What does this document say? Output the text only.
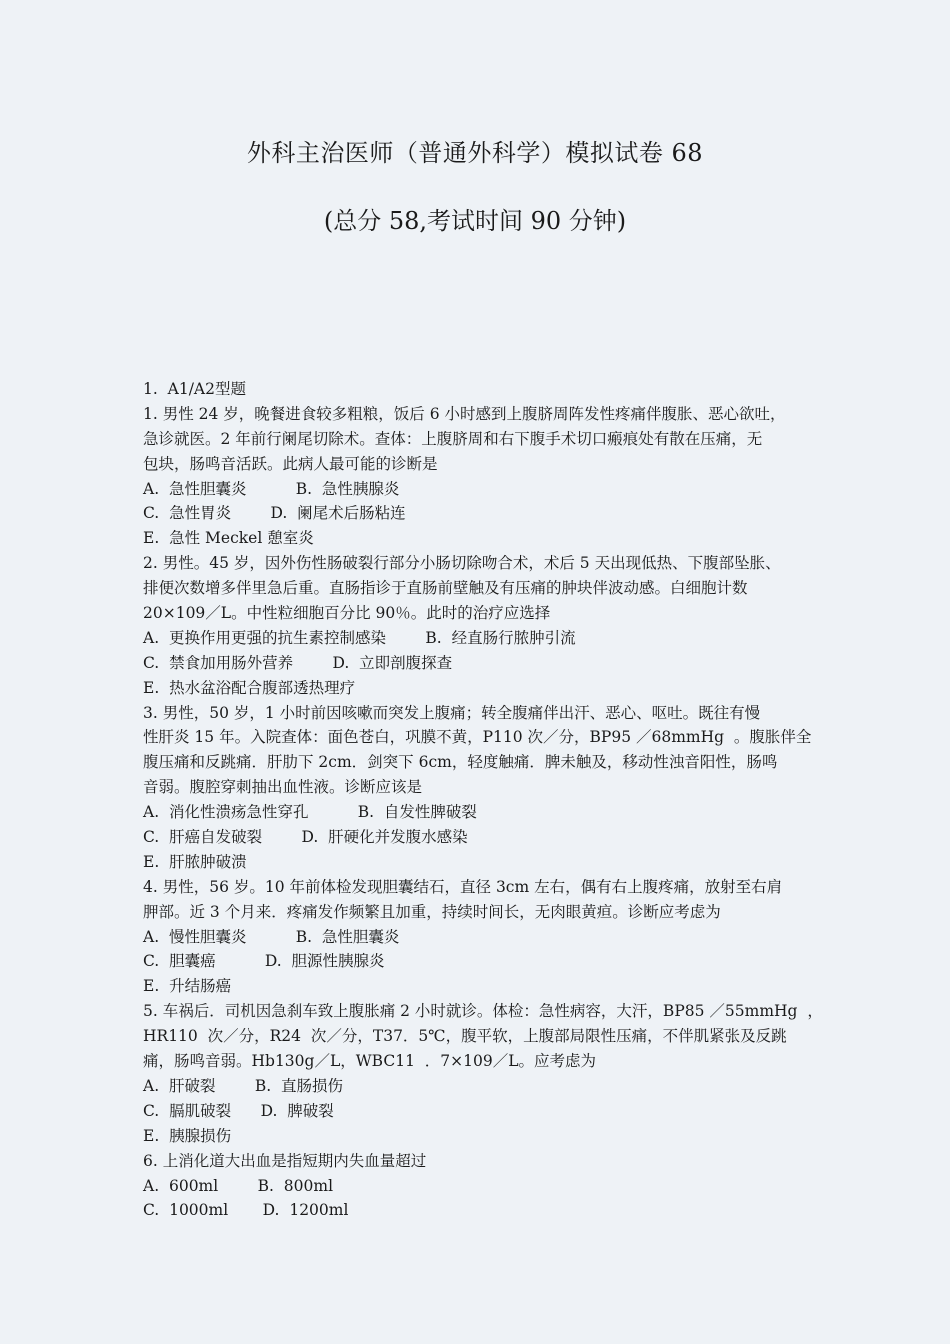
外科主治医师（普通外科学）模拟试卷 68
(总分 58,考试时间 90 分钟)
1.  A1/A2型题
1. 男性 24 岁，晚餐进食较多粗粮，饭后 6 小时感到上腹脐周阵发性疼痛伴腹胀、恶心欲吐，
急诊就医。2 年前行阑尾切除术。查体：上腹脐周和右下腹手术切口瘢痕处有散在压痛，无
包块，肠鸣音活跃。此病人最可能的诊断是
A.  急性胆囊炎          B.  急性胰腺炎
C.  急性胃炎        D.  阑尾术后肠粘连
E.  急性 Meckel 憩室炎
2. 男性。45 岁，因外伤性肠破裂行部分小肠切除吻合术，术后 5 天出现低热、下腹部坠胀、
排便次数增多伴里急后重。直肠指诊于直肠前壁触及有压痛的肿块伴波动感。白细胞计数
20×109／L。中性粒细胞百分比 90％。此时的治疗应选择
A.  更换作用更强的抗生素控制感染        B.  经直肠行脓肿引流
C.  禁食加用肠外营养        D.  立即剖腹探查
E.  热水盆浴配合腹部透热理疗
3. 男性，50 岁，1 小时前因咳嗽而突发上腹痛；转全腹痛伴出汗、恶心、呕吐。既往有慢
性肝炎 15 年。入院查体：面色苍白，巩膜不黄，P110 次／分，BP95 ／68mmHg  。腹胀伴全
腹压痛和反跳痛．肝肋下 2cm．剑突下 6cm，轻度触痛．脾未触及，移动性浊音阳性，肠鸣
音弱。腹腔穿刺抽出血性液。诊断应该是
A.  消化性溃疡急性穿孔          B.  自发性脾破裂
C.  肝癌自发破裂        D.  肝硬化并发腹水感染
E.  肝脓肿破溃
4. 男性，56 岁。10 年前体检发现胆囊结石，直径 3cm 左右，偶有右上腹疼痛，放射至右肩
胛部。近 3 个月来．疼痛发作频繁且加重，持续时间长，无肉眼黄疸。诊断应考虑为
A.  慢性胆囊炎          B.  急性胆囊炎
C.  胆囊癌          D.  胆源性胰腺炎
E.  升结肠癌
5. 车祸后．司机因急刹车致上腹胀痛 2 小时就诊。体检：急性病容，大汗，BP85 ／55mmHg  ，
HR110  次／分，R24  次／分，T37．5℃，腹平软，上腹部局限性压痛，不伴肌紧张及反跳
痛，肠鸣音弱。Hb130g／L，WBC11  ．7×109／L。应考虑为
A.  肝破裂        B.  直肠损伤
C.  膈肌破裂      D.  脾破裂
E.  胰腺损伤
6. 上消化道大出血是指短期内失血量超过
A.  600ml        B.  800ml
C.  1000ml       D.  1200ml
